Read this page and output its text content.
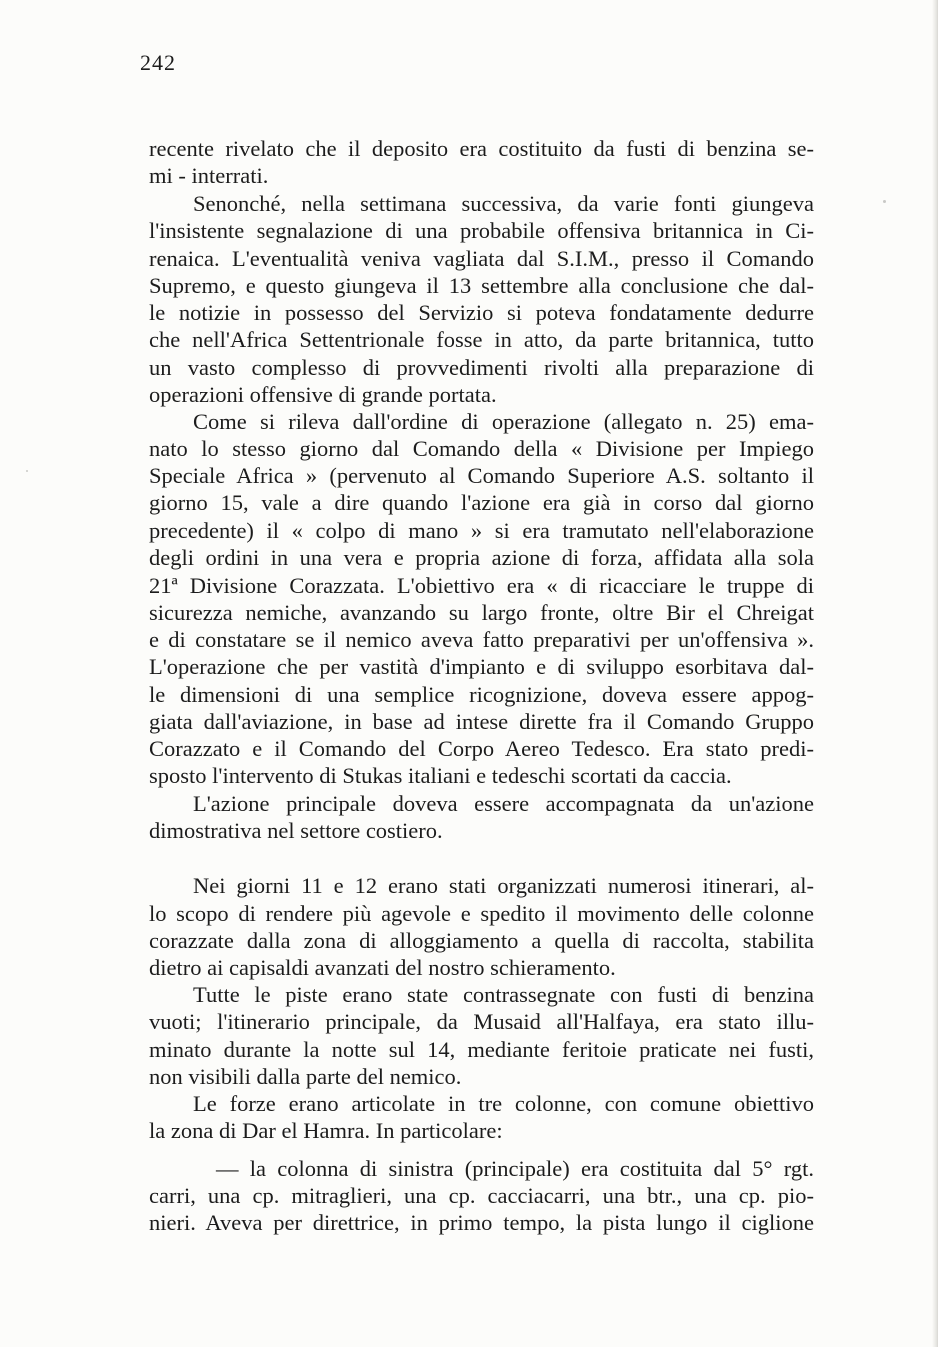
242
recente rivelato che il deposito era costituito da fusti di benzina se-
mi - interrati.
Senonché, nella settimana successiva, da varie fonti giungeva
l'insistente segnalazione di una probabile offensiva britannica in Ci-
renaica. L'eventualità veniva vagliata dal S.I.M., presso il Comando
Supremo, e questo giungeva il 13 settembre alla conclusione che dal-
le notizie in possesso del Servizio si poteva fondatamente dedurre
che nell'Africa Settentrionale fosse in atto, da parte britannica, tutto
un vasto complesso di provvedimenti rivolti alla preparazione di
operazioni offensive di grande portata.
Come si rileva dall'ordine di operazione (allegato n. 25) ema-
nato lo stesso giorno dal Comando della « Divisione per Impiego
Speciale Africa » (pervenuto al Comando Superiore A.S. soltanto il
giorno 15, vale a dire quando l'azione era già in corso dal giorno
precedente) il « colpo di mano » si era tramutato nell'elaborazione
degli ordini in una vera e propria azione di forza, affidata alla sola
21ª Divisione Corazzata. L'obiettivo era « di ricacciare le truppe di
sicurezza nemiche, avanzando su largo fronte, oltre Bir el Chreigat
e di constatare se il nemico aveva fatto preparativi per un'offensiva ».
L'operazione che per vastità d'impianto e di sviluppo esorbitava dal-
le dimensioni di una semplice ricognizione, doveva essere appog-
giata dall'aviazione, in base ad intese dirette fra il Comando Gruppo
Corazzato e il Comando del Corpo Aereo Tedesco. Era stato predi-
sposto l'intervento di Stukas italiani e tedeschi scortati da caccia.
L'azione principale doveva essere accompagnata da un'azione
dimostrativa nel settore costiero.
Nei giorni 11 e 12 erano stati organizzati numerosi itinerari, al-
lo scopo di rendere più agevole e spedito il movimento delle colonne
corazzate dalla zona di alloggiamento a quella di raccolta, stabilita
dietro ai capisaldi avanzati del nostro schieramento.
Tutte le piste erano state contrassegnate con fusti di benzina
vuoti; l'itinerario principale, da Musaid all'Halfaya, era stato illu-
minato durante la notte sul 14, mediante feritoie praticate nei fusti,
non visibili dalla parte del nemico.
Le forze erano articolate in tre colonne, con comune obiettivo
la zona di Dar el Hamra. In particolare:
— la colonna di sinistra (principale) era costituita dal 5° rgt.
carri, una cp. mitraglieri, una cp. cacciacarri, una btr., una cp. pio-
nieri. Aveva per direttrice, in primo tempo, la pista lungo il ciglione
